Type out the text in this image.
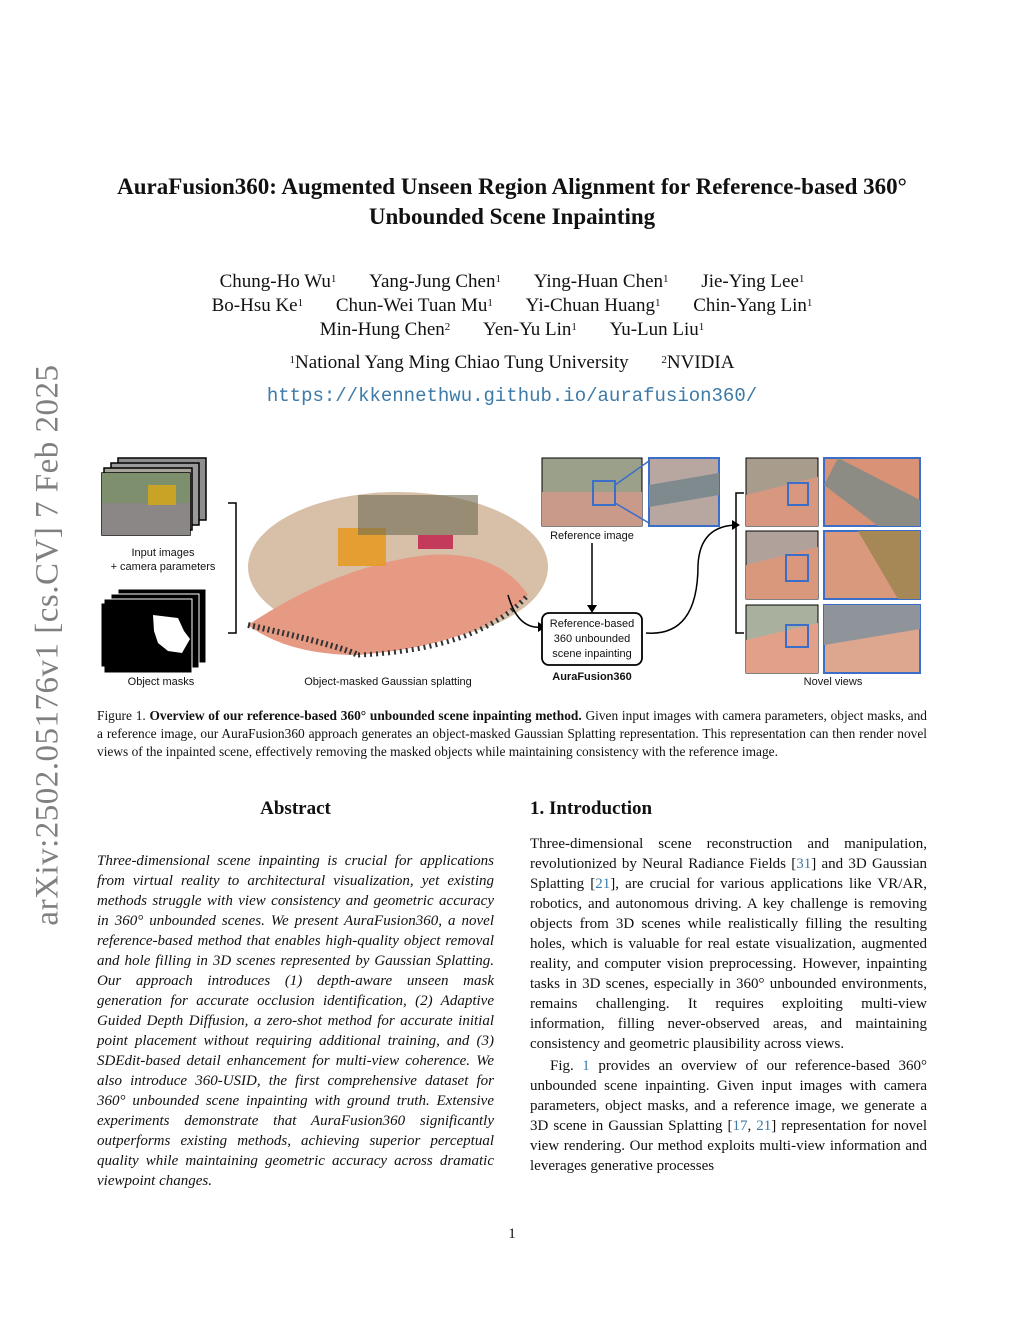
arXiv:2502.05176v1 [cs.CV] 7 Feb 2025
AuraFusion360: Augmented Unseen Region Alignment for Reference-based 360°
Unbounded Scene Inpainting
Chung-Ho Wu$^1$ Yang-Jung Chen$^1$ Ying-Huan Chen$^1$ Jie-Ying Lee$^1$
Bo-Hsu Ke$^1$ Chun-Wei Tuan Mu$^1$ Yi-Chuan Huang$^1$ Chin-Yang Lin$^1$
Min-Hung Chen$^2$ Yen-Yu Lin$^1$ Yu-Lun Liu$^1$
$^1$National Yang Ming Chiao Tung University	$^2$NVIDIA
https://kkennethwu.github.io/aurafusion360/
Input images
+ camera parameters
Object masks	Object-masked Gaussian splatting
Reference image
Reference-based
360 unbounded
scene inpainting
AuraFusion360	Novel views
Figure 1. Overview of our reference-based 360° unbounded scene inpainting method. Given input images with camera parameters, object masks, and a reference image, our AuraFusion360 approach generates an object-masked Gaussian Splatting representation. This representation can then render novel views of the inpainted scene, effectively removing the masked objects while maintaining consistency with the reference image.
Abstract
Three-dimensional scene inpainting is crucial for applications from virtual reality to architectural visualization, yet existing methods struggle with view consistency and geometric accuracy in 360° unbounded scenes. We present AuraFusion360, a novel reference-based method that enables high-quality object removal and hole filling in 3D scenes represented by Gaussian Splatting. Our approach introduces (1) depth-aware unseen mask generation for accurate occlusion identification, (2) Adaptive Guided Depth Diffusion, a zero-shot method for accurate initial point placement without requiring additional training, and (3) SDEdit-based detail enhancement for multi-view coherence. We also introduce 360-USID, the first comprehensive dataset for 360° unbounded scene inpainting with ground truth. Extensive experiments demonstrate that AuraFusion360 significantly outperforms existing methods, achieving superior perceptual quality while maintaining geometric accuracy across dramatic viewpoint changes.
1. Introduction

Three-dimensional scene reconstruction and manipulation, revolutionized by Neural Radiance Fields [31] and 3D Gaussian Splatting [21], are crucial for various applications like VR/AR, robotics, and autonomous driving. A key challenge is removing objects from 3D scenes while realistically filling the resulting holes, which is valuable for real estate visualization, augmented reality, and computer vision preprocessing. However, inpainting tasks in 3D scenes, especially in 360° unbounded environments, remains challenging. It requires exploiting multi-view information, filling never-observed areas, and maintaining consistency and geometric plausibility across views.

Fig. 1 provides an overview of our reference-based 360° unbounded scene inpainting. Given input images with camera parameters, object masks, and a reference image, we generate a 3D scene in Gaussian Splatting [17, 21] representation for novel view rendering. Our method exploits multi-view information and leverages generative processes

1
